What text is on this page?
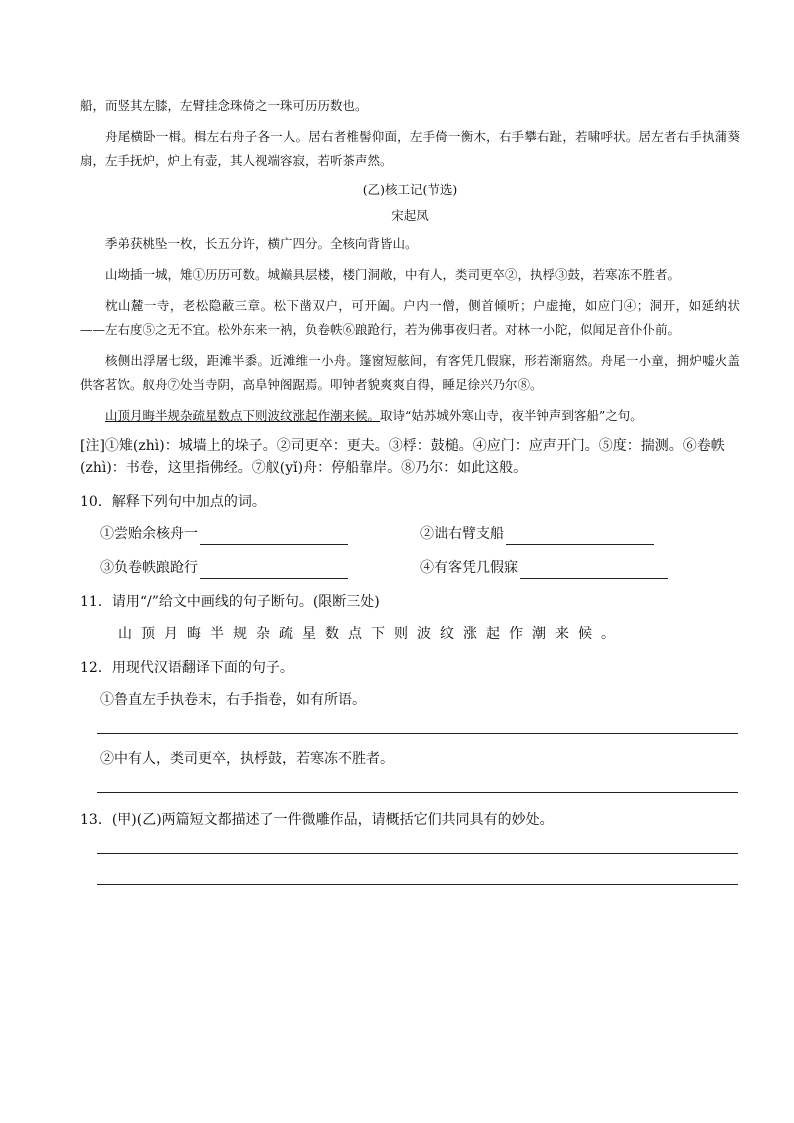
船，而竖其左膝，左臂挂念珠倚之一珠可历历数也。

舟尾横卧一楫。楫左右舟子各一人。居右者椎髻仰面，左手倚一衡木，右手攀右趾，若啸呼状。居左者右手执蒲葵扇，左手抚炉，炉上有壶，其人视端容寂，若听茶声然。

(乙)核工记(节选)
宋起凤

季弟获桃坠一枚，长五分许，横广四分。全核向背皆山。

山坳插一城，雉①历历可数。城巅具层楼，楼门洞敞，中有人，类司更卒②，执桴③鼓，若寒冻不胜者。

枕山麓一寺，老松隐蔽三章。松下凿双户，可开阖。户内一僧，侧首倾听；户虚掩，如应门④；洞开，如延纳状——左右度⑤之无不宜。松外东来一衲，负卷帙⑥踉跄行，若为佛事夜归者。对林一小陀，似闻足音仆仆前。

核侧出浮屠七级，距滩半黍。近滩维一小舟。篷窗短舷间，有客凭几假寐，形若渐寤然。舟尾一小童，拥炉嘘火盖供客茗饮。舣舟⑦处当寺阴，高阜钟阁踞焉。叩钟者貌爽爽自得，睡足徐兴乃尔⑧。

山顶月晦半规杂疏星数点下则波纹涨起作潮来候。取诗“姑苏城外寒山寺，夜半钟声到客船”之句。

[注]①雉(zhì)：城墙上的垛子。②司更卒：更夫。③桴：鼓槌。④应门：应声开门。⑤度：揣测。⑥卷帙(zhì)：书卷，这里指佛经。⑦舣(yǐ)舟：停船靠岸。⑧乃尔：如此这般。

10．解释下列句中加点的词。
①尝贻余核舟一	②诎右臂支船
③负卷帙踉跄行	④有客凭几假寐
11．请用“/”给文中画线的句子断句。(限断三处)
山顶月晦半规杂疏星数点下则波纹涨起作潮来候。
12．用现代汉语翻译下面的句子。
①鲁直左手执卷末，右手指卷，如有所语。
②中有人，类司更卒，执桴鼓，若寒冻不胜者。
13．(甲)(乙)两篇短文都描述了一件微雕作品，请概括它们共同具有的妙处。
